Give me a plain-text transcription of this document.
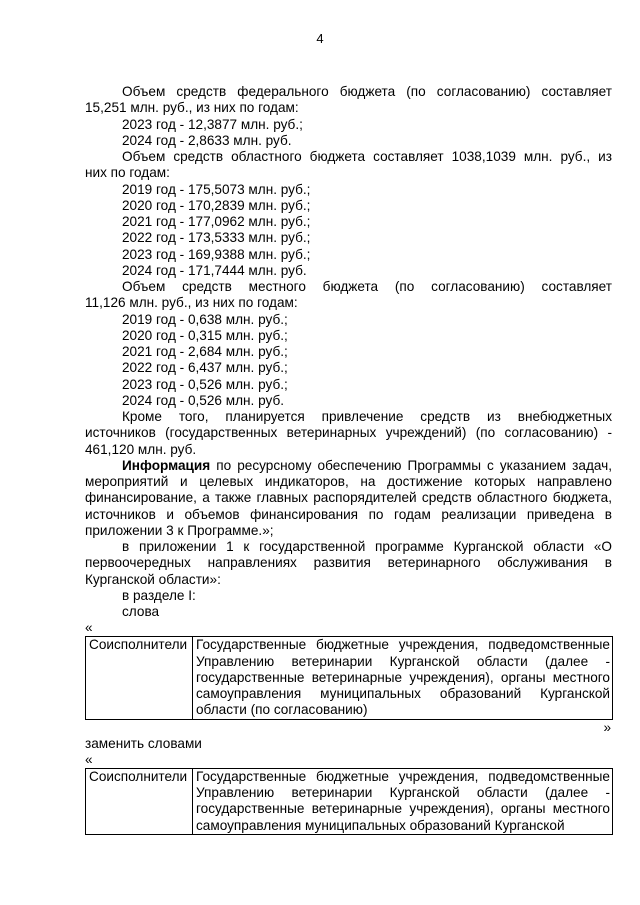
4

Объем средств федерального бюджета (по согласованию) составляет

15,251 млн. руб., из них по годам:

2023 год - 12,3877 млн. руб.;

2024 год - 2,8633 млн. руб.

Объем средств областного бюджета составляет 1038,1039 млн. руб., из

них по годам:

2019 год - 175,5073 млн. руб.;

2020 год - 170,2839 млн. руб.;

2021 год - 177,0962 млн. руб.;

2022 год - 173,5333 млн. руб.;

2023 год - 169,9388 млн. руб.;

2024 год - 171,7444 млн. руб.

Объем средств местного бюджета (по согласованию) составляет

11,126 млн. руб., из них по годам:

2019 год - 0,638 млн. руб.;

2020 год - 0,315 млн. руб.;

2021 год - 2,684 млн. руб.;

2022 год - 6,437 млн. руб.;

2023 год - 0,526 млн. руб.;

2024 год - 0,526 млн. руб.

Кроме того, планируется привлечение средств из внебюджетных

источников (государственных ветеринарных учреждений) (по согласованию) -

461,120 млн. руб.

Информация по ресурсному обеспечению Программы с указанием задач, мероприятий и целевых индикаторов, на достижение которых направлено финансирование, а также главных распорядителей средств областного бюджета, источников и объемов финансирования по годам реализации приведена в приложении 3 к Программе.»;

в приложении 1 к государственной программе Курганской области «О первоочередных направлениях развития ветеринарного обслуживания в Курганской области»:

в разделе I:

слова

«

Соисполнители	Государственные бюджетные учреждения, подведомственные Управлению ветеринарии Курганской области (далее - государственные ветеринарные учреждения), органы местного самоуправления муниципальных образований Курганской области (по согласованию)

»

заменить словами

«

Соисполнители	Государственные бюджетные учреждения, подведомственные Управлению ветеринарии Курганской области (далее - государственные ветеринарные учреждения), органы местного самоуправления муниципальных образований Курганской
